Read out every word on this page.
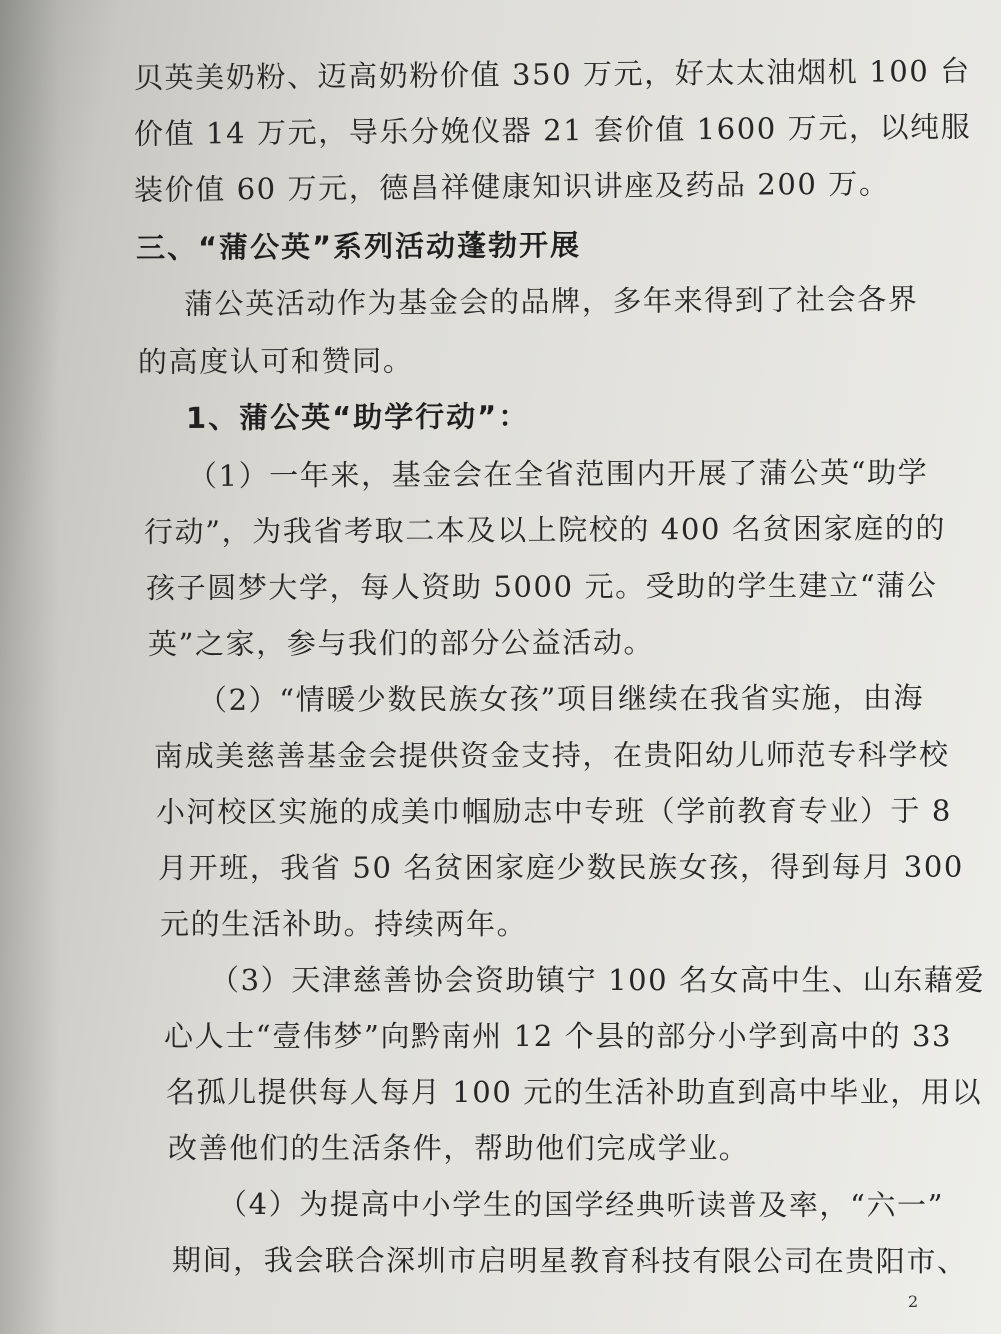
贝英美奶粉、迈高奶粉价值 350 万元，好太太油烟机 100 台
价值 14 万元，导乐分娩仪器 21 套价值 1600 万元，以纯服
装价值 60 万元，德昌祥健康知识讲座及药品 200 万。
三、“蒲公英”系列活动蓬勃开展
蒲公英活动作为基金会的品牌，多年来得到了社会各界
的高度认可和赞同。
1、蒲公英“助学行动”：
（1）一年来，基金会在全省范围内开展了蒲公英“助学
行动”，为我省考取二本及以上院校的 400 名贫困家庭的的
孩子圆梦大学，每人资助 5000 元。受助的学生建立“蒲公
英”之家，参与我们的部分公益活动。
（2）“情暖少数民族女孩”项目继续在我省实施，由海
南成美慈善基金会提供资金支持，在贵阳幼儿师范专科学校
小河校区实施的成美巾帼励志中专班（学前教育专业）于 8
月开班，我省 50 名贫困家庭少数民族女孩，得到每月 300
元的生活补助。持续两年。
（3）天津慈善协会资助镇宁 100 名女高中生、山东藉爱
心人士“壹伟梦”向黔南州 12 个县的部分小学到高中的 33
名孤儿提供每人每月 100 元的生活补助直到高中毕业，用以
改善他们的生活条件，帮助他们完成学业。
（4）为提高中小学生的国学经典听读普及率，“六一”
期间，我会联合深圳市启明星教育科技有限公司在贵阳市、
2
